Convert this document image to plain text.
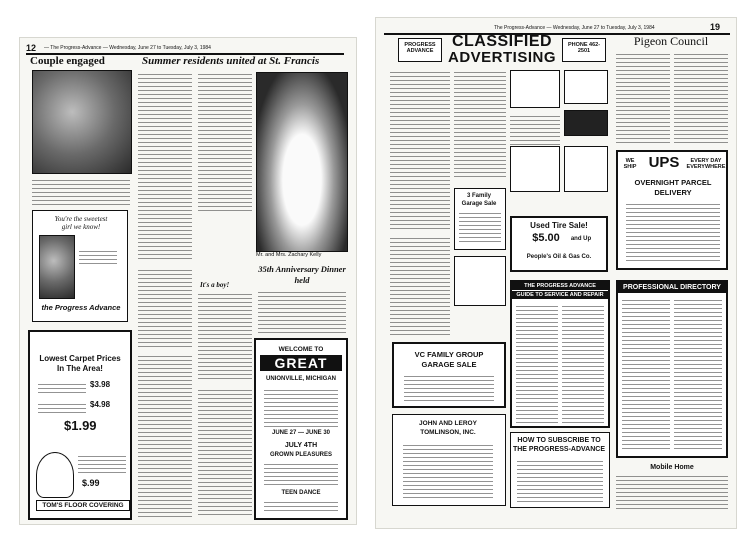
12 — The Progress-Advance — Wednesday, June 27 to Tuesday, July 3, 1984
Couple engaged
You're the sweetest
girl we know!
the Progress Advance
Lowest Carpet Prices
In The Area!
$3.98
$4.98
$1.99
$.99
TOM'S FLOOR COVERING
Summer residents united at St. Francis
It's a boy!
Mr. and Mrs. Zachary Kelly
35th Anniversary Dinner held
WELCOME TO
GREAT
UNIONVILLE, MICHIGAN
JUNE 27 — JUNE 30
JULY 4TH
GROWN PLEASURES
TEEN DANCE
The Progress-Advance — Wednesday, June 27 to Tuesday, July 3, 1984	19
PROGRESS ADVANCE
CLASSIFIED
ADVERTISING
PHONE 462-2501
Pigeon Council
WE SHIP UPS	EVERY DAY EVERYWHERE
OVERNIGHT PARCEL DELIVERY
3 Family
Garage Sale
Used Tire Sale!
$5.00	and Up
People's Oil & Gas Co.
THE PROGRESS ADVANCE
GUIDE TO SERVICE AND REPAIR
PROFESSIONAL DIRECTORY
VC FAMILY GROUP
GARAGE SALE
JOHN AND LEROY
TOMLINSON, INC.
HOW TO SUBSCRIBE TO
THE PROGRESS-ADVANCE
Mobile Home
